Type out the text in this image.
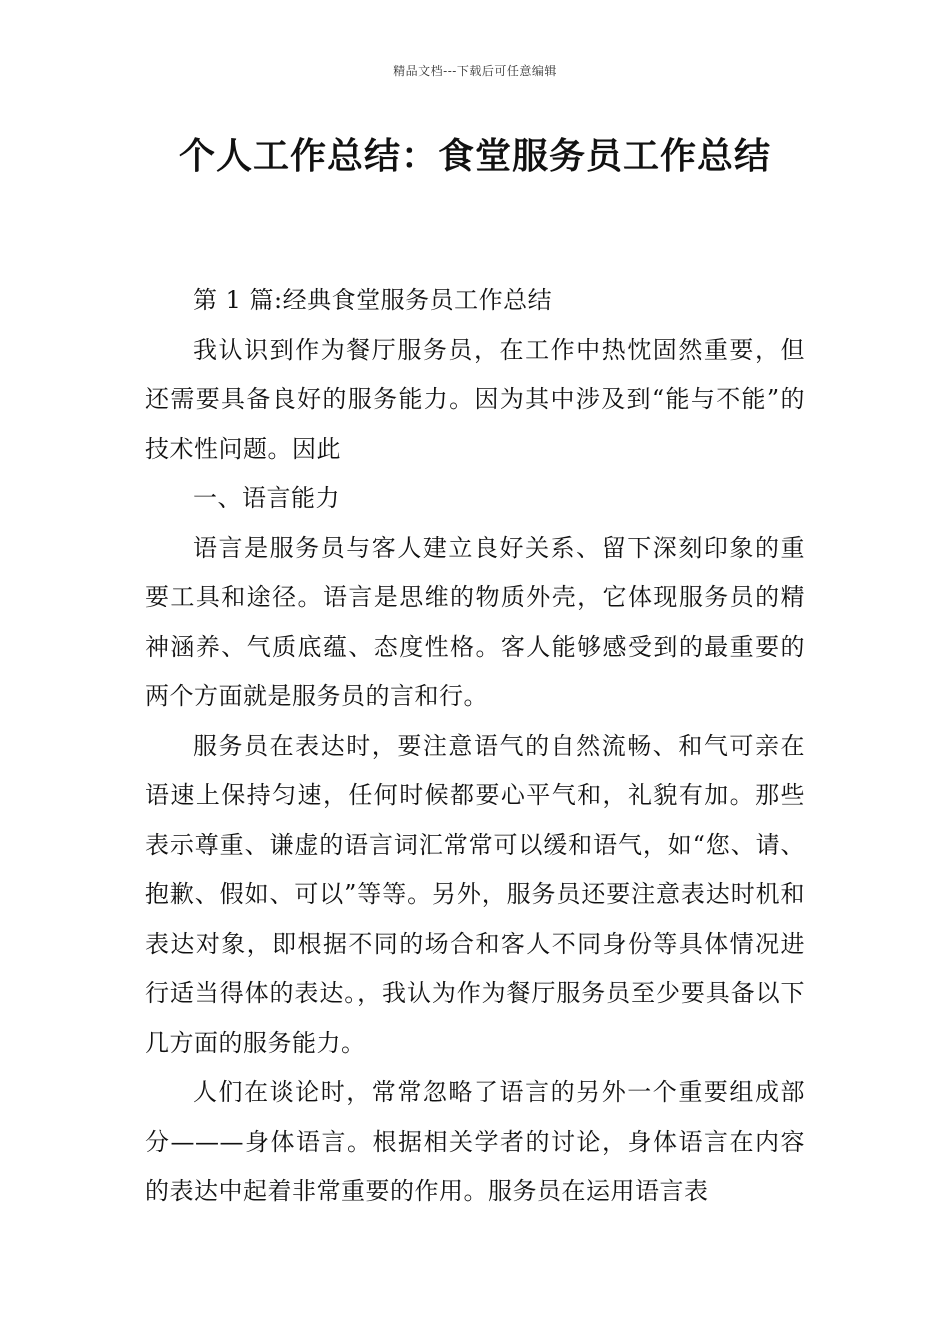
精品文档---下载后可任意编辑
个人工作总结：食堂服务员工作总结

第 1 篇:经典食堂服务员工作总结

我认识到作为餐厅服务员，在工作中热忱固然重要，但还需要具备良好的服务能力。因为其中涉及到“能与不能”的技术性问题。因此

一、语言能力

语言是服务员与客人建立良好关系、留下深刻印象的重要工具和途径。语言是思维的物质外壳，它体现服务员的精神涵养、气质底蕴、态度性格。客人能够感受到的最重要的两个方面就是服务员的言和行。

服务员在表达时，要注意语气的自然流畅、和气可亲在语速上保持匀速，任何时候都要心平气和，礼貌有加。那些表示尊重、谦虚的语言词汇常常可以缓和语气，如“您、请、抱歉、假如、可以”等等。另外，服务员还要注意表达时机和表达对象，即根据不同的场合和客人不同身份等具体情况进行适当得体的表达。，我认为作为餐厅服务员至少要具备以下几方面的服务能力。

人们在谈论时，常常忽略了语言的另外一个重要组成部分———身体语言。根据相关学者的讨论，身体语言在内容的表达中起着非常重要的作用。服务员在运用语言表
